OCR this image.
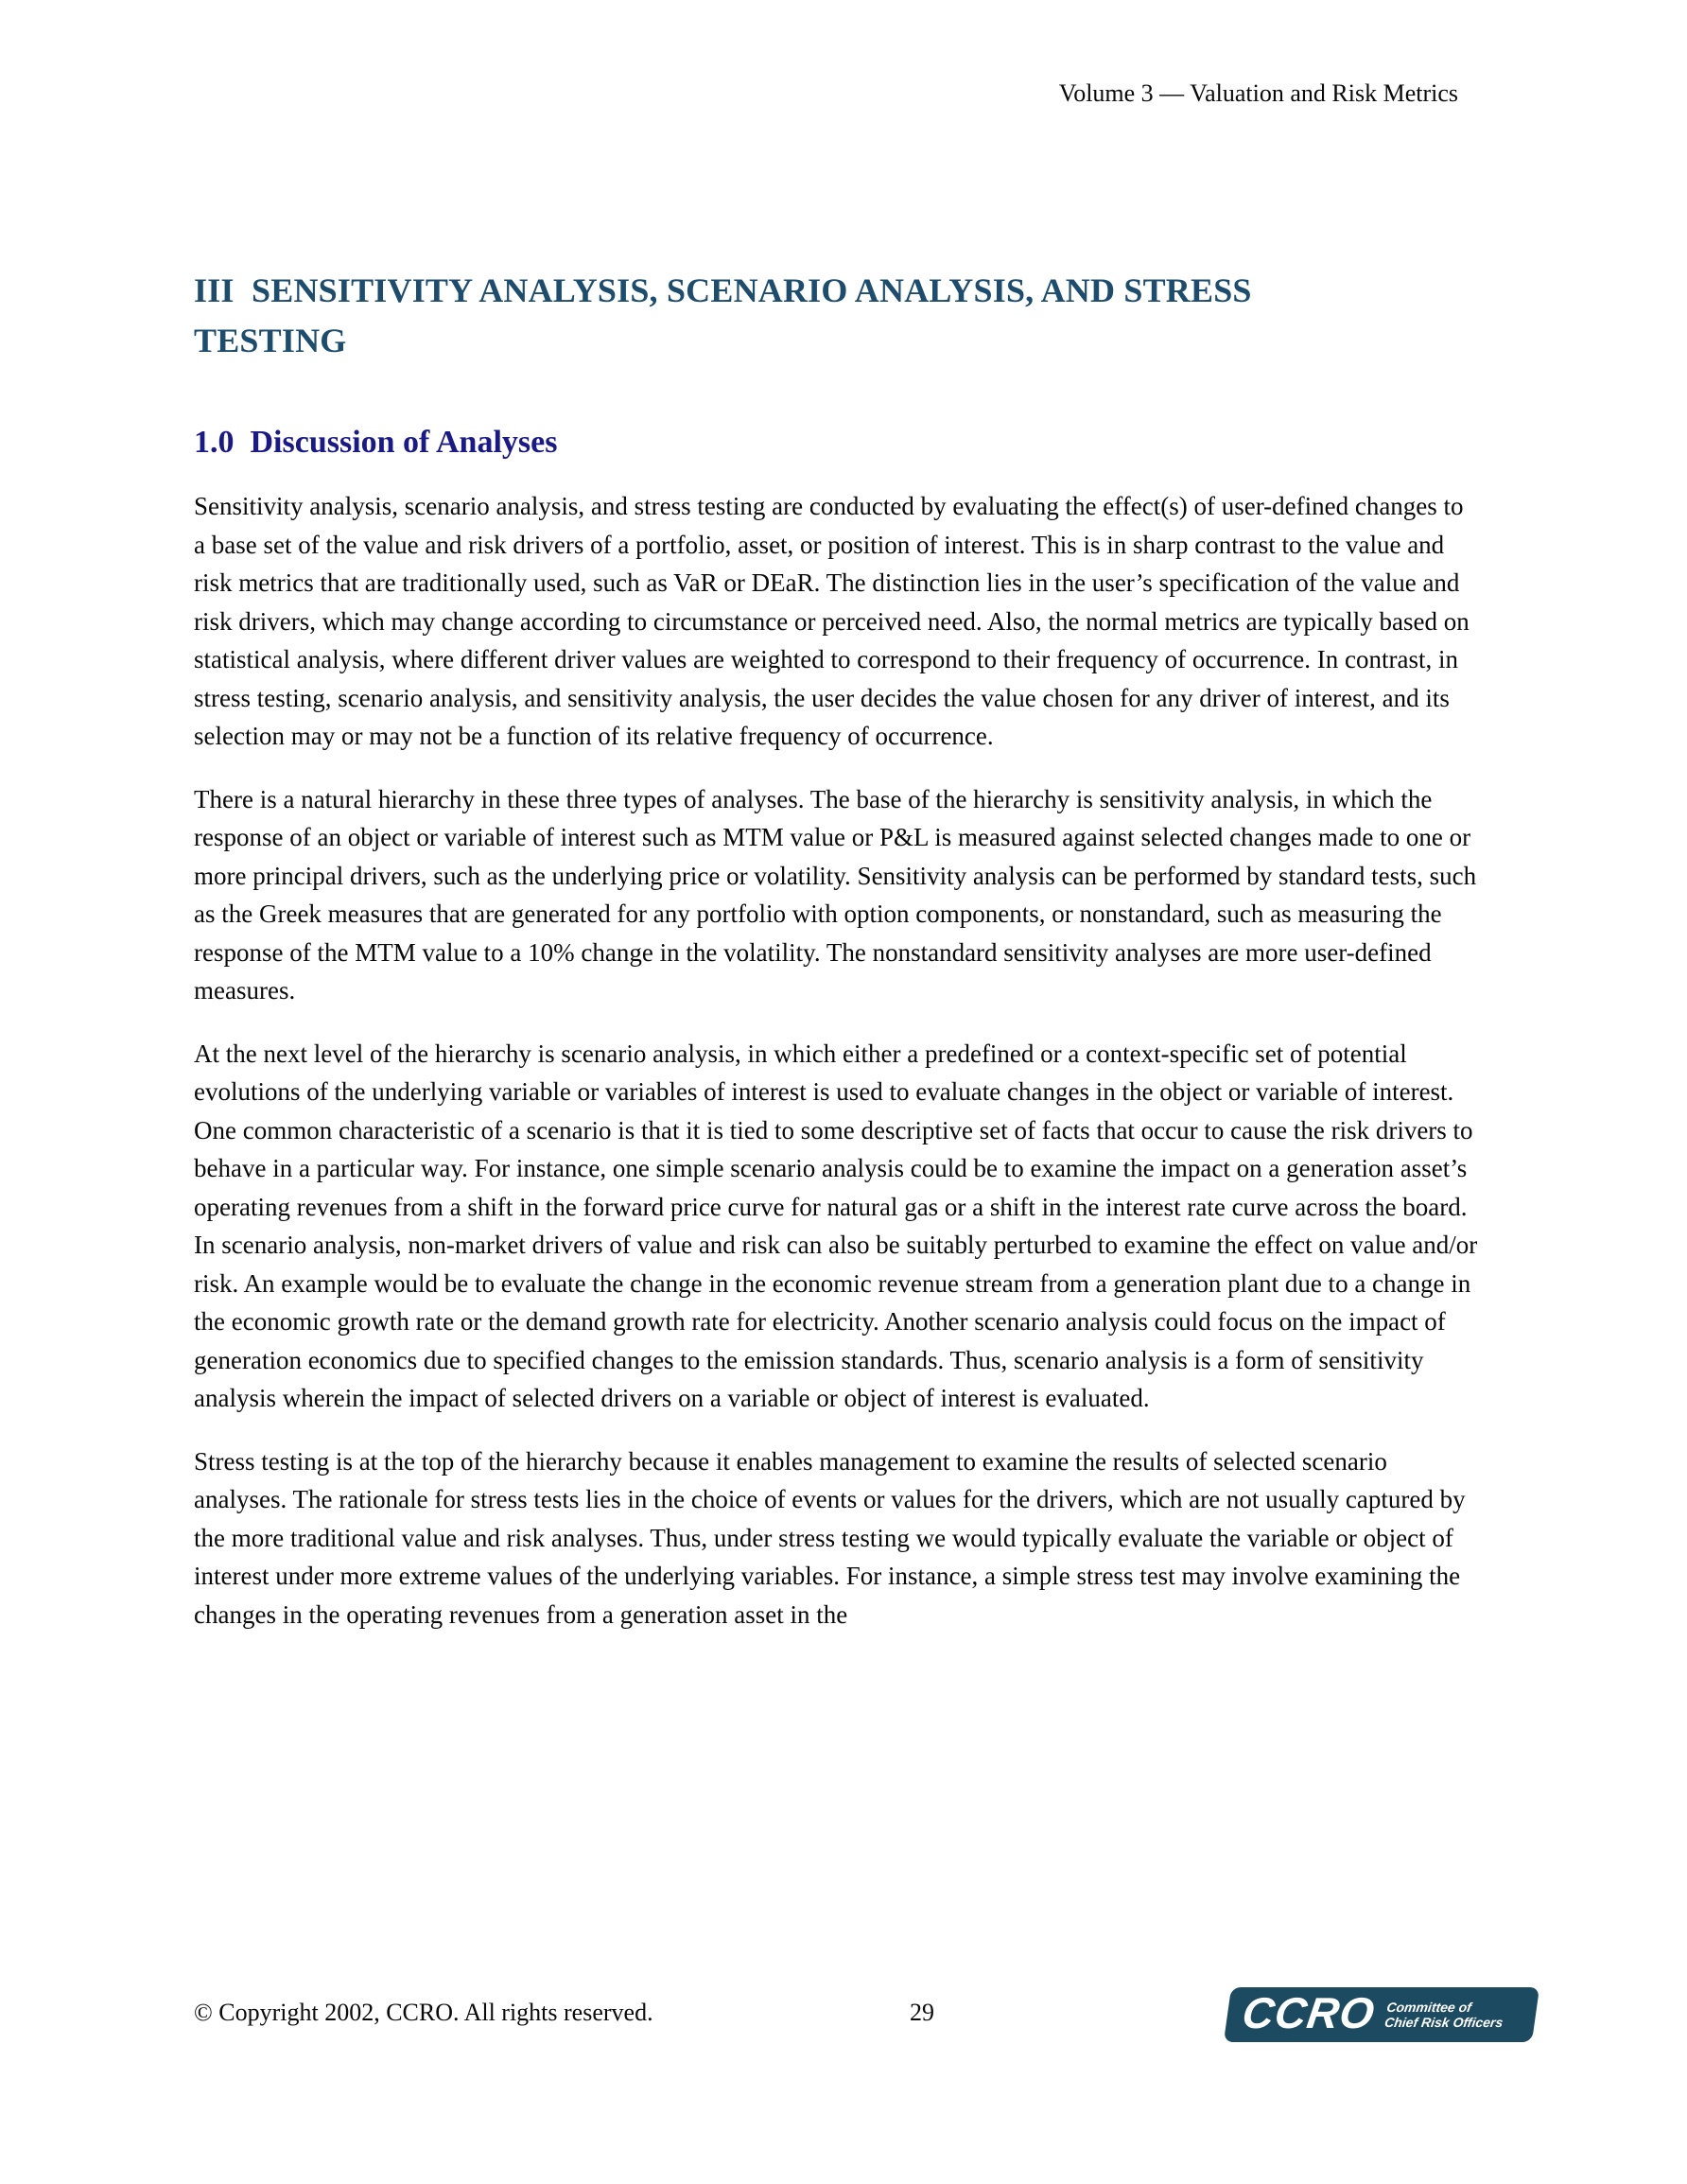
Volume 3 — Valuation and Risk Metrics
III  SENSITIVITY ANALYSIS, SCENARIO ANALYSIS, AND STRESS
TESTING
1.0  Discussion of Analyses

Sensitivity analysis, scenario analysis, and stress testing are conducted by evaluating the effect(s) of user-defined changes to a base set of the value and risk drivers of a portfolio, asset, or position of interest. This is in sharp contrast to the value and risk metrics that are traditionally used, such as VaR or DEaR. The distinction lies in the user’s specification of the value and risk drivers, which may change according to circumstance or perceived need. Also, the normal metrics are typically based on statistical analysis, where different driver values are weighted to correspond to their frequency of occurrence. In contrast, in stress testing, scenario analysis, and sensitivity analysis, the user decides the value chosen for any driver of interest, and its selection may or may not be a function of its relative frequency of occurrence.

There is a natural hierarchy in these three types of analyses. The base of the hierarchy is sensitivity analysis, in which the response of an object or variable of interest such as MTM value or P&L is measured against selected changes made to one or more principal drivers, such as the underlying price or volatility. Sensitivity analysis can be performed by standard tests, such as the Greek measures that are generated for any portfolio with option components, or nonstandard, such as measuring the response of the MTM value to a 10% change in the volatility. The nonstandard sensitivity analyses are more user-defined measures.

At the next level of the hierarchy is scenario analysis, in which either a predefined or a context-specific set of potential evolutions of the underlying variable or variables of interest is used to evaluate changes in the object or variable of interest. One common characteristic of a scenario is that it is tied to some descriptive set of facts that occur to cause the risk drivers to behave in a particular way. For instance, one simple scenario analysis could be to examine the impact on a generation asset’s operating revenues from a shift in the forward price curve for natural gas or a shift in the interest rate curve across the board. In scenario analysis, non-market drivers of value and risk can also be suitably perturbed to examine the effect on value and/or risk. An example would be to evaluate the change in the economic revenue stream from a generation plant due to a change in the economic growth rate or the demand growth rate for electricity. Another scenario analysis could focus on the impact of generation economics due to specified changes to the emission standards. Thus, scenario analysis is a form of sensitivity analysis wherein the impact of selected drivers on a variable or object of interest is evaluated.

Stress testing is at the top of the hierarchy because it enables management to examine the results of selected scenario analyses. The rationale for stress tests lies in the choice of events or values for the drivers, which are not usually captured by the more traditional value and risk analyses. Thus, under stress testing we would typically evaluate the variable or object of interest under more extreme values of the underlying variables. For instance, a simple stress test may involve examining the changes in the operating revenues from a generation asset in the

© Copyright 2002, CCRO. All rights reserved.	29	CCRO Committee of
Chief Risk Officers
